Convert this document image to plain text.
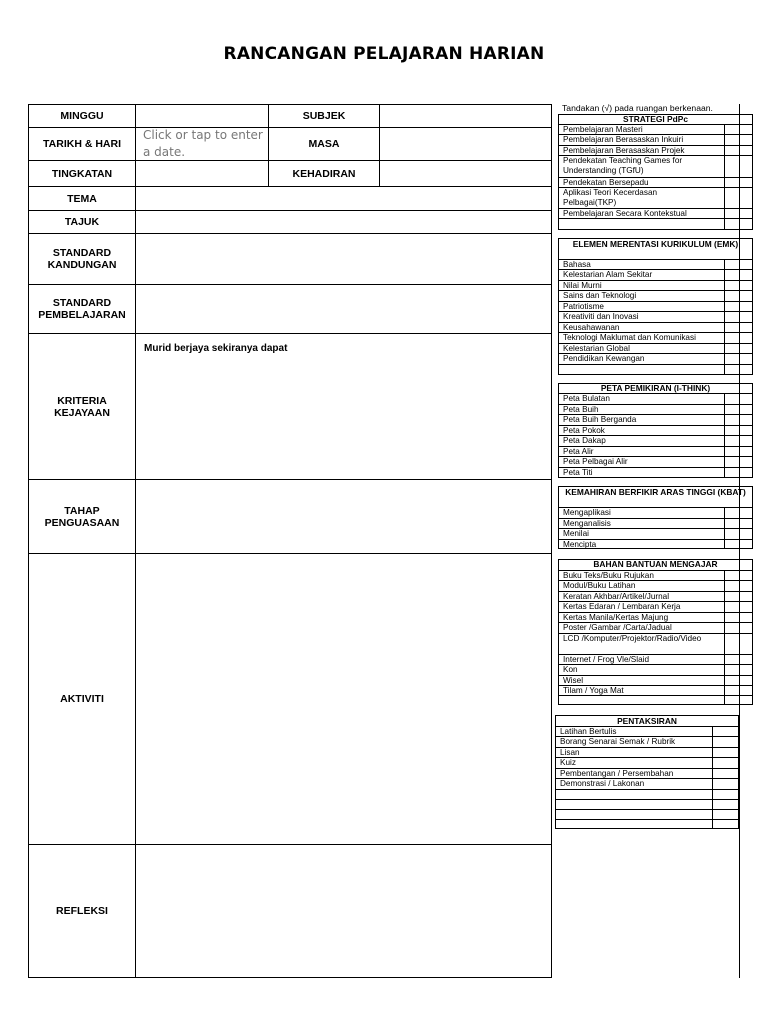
RANCANGAN PELAJARAN HARIAN
MINGGU	SUBJEK
TARIKH & HARI
Click or tap to enter a date.
MASA
TINGKATAN	KEHADIRAN
TEMA
TAJUK
STANDARD KANDUNGAN
STANDARD PEMBELAJARAN
KRITERIA KEJAYAAN
Murid berjaya sekiranya dapat
TAHAP PENGUASAAN
AKTIVITI
REFLEKSI
Tandakan (√) pada ruangan berkenaan.
STRATEGI PdPc
Pembelajaran Masteri
Pembelajaran Berasaskan Inkuiri
Pembelajaran Berasaskan Projek
Pendekatan Teaching Games for Understanding (TGfU)
Pendekatan Bersepadu
Aplikasi Teori Kecerdasan Pelbagai(TKP)
Pembelajaran Secara Kontekstual
ELEMEN MERENTASI KURIKULUM (EMK)
Bahasa
Kelestarian Alam Sekitar
Nilai Murni
Sains dan Teknologi
Patriotisme
Kreativiti dan Inovasi
Keusahawanan
Teknologi Maklumat dan Komunikasi
Kelestarian Global
Pendidikan Kewangan
PETA PEMIKIRAN (I-THINK)
Peta Bulatan
Peta Buih
Peta Buih Berganda
Peta Pokok
Peta Dakap
Peta Alir
Peta Pelbagai Alir
Peta Titi
KEMAHIRAN BERFIKIR ARAS TINGGI (KBAT)
Mengaplikasi
Menganalisis
Menilai
Mencipta
BAHAN BANTUAN MENGAJAR
Buku Teks/Buku Rujukan
Modul/Buku Latihan
Keratan Akhbar/Artikel/Jurnal
Kertas Edaran / Lembaran Kerja
Kertas Manila/Kertas Majung
Poster /Gambar /Carta/Jadual
LCD /Komputer/Projektor/Radio/Video
Internet / Frog Vle/Slaid
Kon
Wisel
Tilam / Yoga Mat
PENTAKSIRAN
Latihan Bertulis
Borang Senarai Semak / Rubrik
Lisan
Kuiz
Pembentangan / Persembahan
Demonstrasi / Lakonan
